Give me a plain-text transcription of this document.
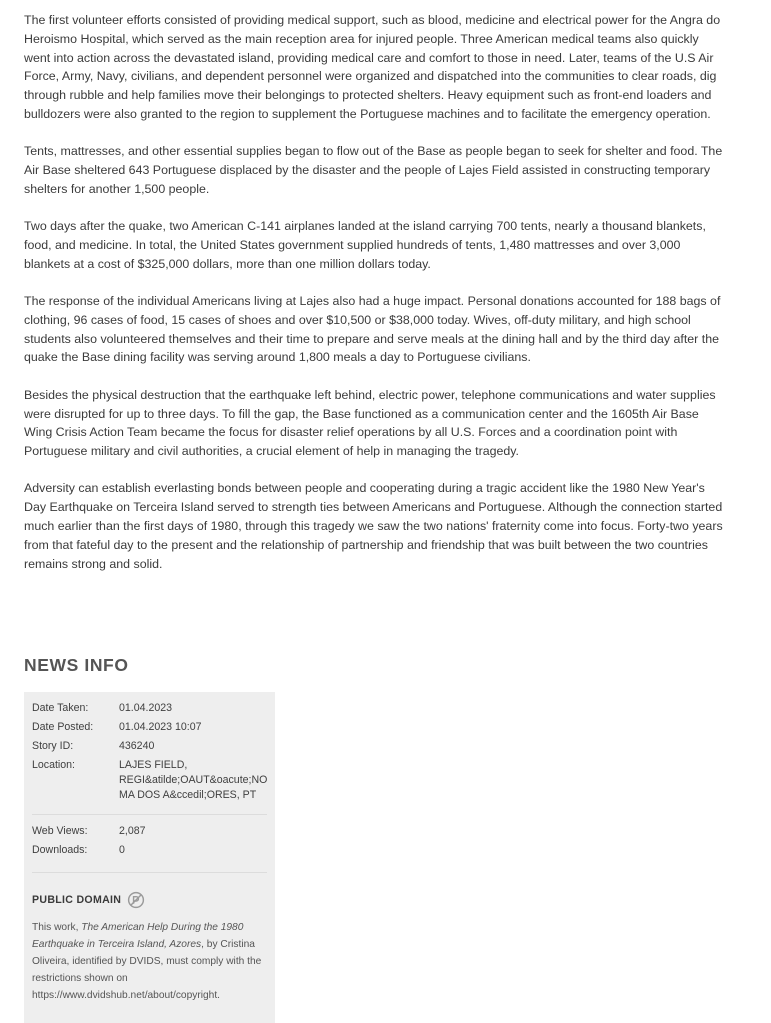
The first volunteer efforts consisted of providing medical support, such as blood, medicine and electrical power for the Angra do Heroismo Hospital, which served as the main reception area for injured people. Three American medical teams also quickly went into action across the devastated island, providing medical care and comfort to those in need. Later, teams of the U.S Air Force, Army, Navy, civilians, and dependent personnel were organized and dispatched into the communities to clear roads, dig through rubble and help families move their belongings to protected shelters. Heavy equipment such as front-end loaders and bulldozers were also granted to the region to supplement the Portuguese machines and to facilitate the emergency operation.

Tents, mattresses, and other essential supplies began to flow out of the Base as people began to seek for shelter and food. The Air Base sheltered 643 Portuguese displaced by the disaster and the people of Lajes Field assisted in constructing temporary shelters for another 1,500 people.

Two days after the quake, two American C-141 airplanes landed at the island carrying 700 tents, nearly a thousand blankets, food, and medicine. In total, the United States government supplied hundreds of tents, 1,480 mattresses and over 3,000 blankets at a cost of $325,000 dollars, more than one million dollars today.

The response of the individual Americans living at Lajes also had a huge impact. Personal donations accounted for 188 bags of clothing, 96 cases of food, 15 cases of shoes and over $10,500 or $38,000 today. Wives, off-duty military, and high school students also volunteered themselves and their time to prepare and serve meals at the dining hall and by the third day after the quake the Base dining facility was serving around 1,800 meals a day to Portuguese civilians.

Besides the physical destruction that the earthquake left behind, electric power, telephone communications and water supplies were disrupted for up to three days. To fill the gap, the Base functioned as a communication center and the 1605th Air Base Wing Crisis Action Team became the focus for disaster relief operations by all U.S. Forces and a coordination point with Portuguese military and civil authorities, a crucial element of help in managing the tragedy.

Adversity can establish everlasting bonds between people and cooperating during a tragic accident like the 1980 New Year's Day Earthquake on Terceira Island served to strength ties between Americans and Portuguese. Although the connection started much earlier than the first days of 1980, through this tragedy we saw the two nations' fraternity come into focus. Forty-two years from that fateful day to the present and the relationship of partnership and friendship that was built between the two countries remains strong and solid.

NEWS INFO
Date Taken:	01.04.2023
Date Posted:	01.04.2023 10:07
Story ID:	436240
Location:	LAJES FIELD, REGI&atilde;OAUT&oacute;NOMA DOS A&ccedil;ORES, PT
Web Views:	2,087
Downloads:	0
PUBLIC DOMAIN

This work, The American Help During the 1980 Earthquake in Terceira Island, Azores, by Cristina Oliveira, identified by DVIDS, must comply with the restrictions shown on https://www.dvidshub.net/about/copyright.
